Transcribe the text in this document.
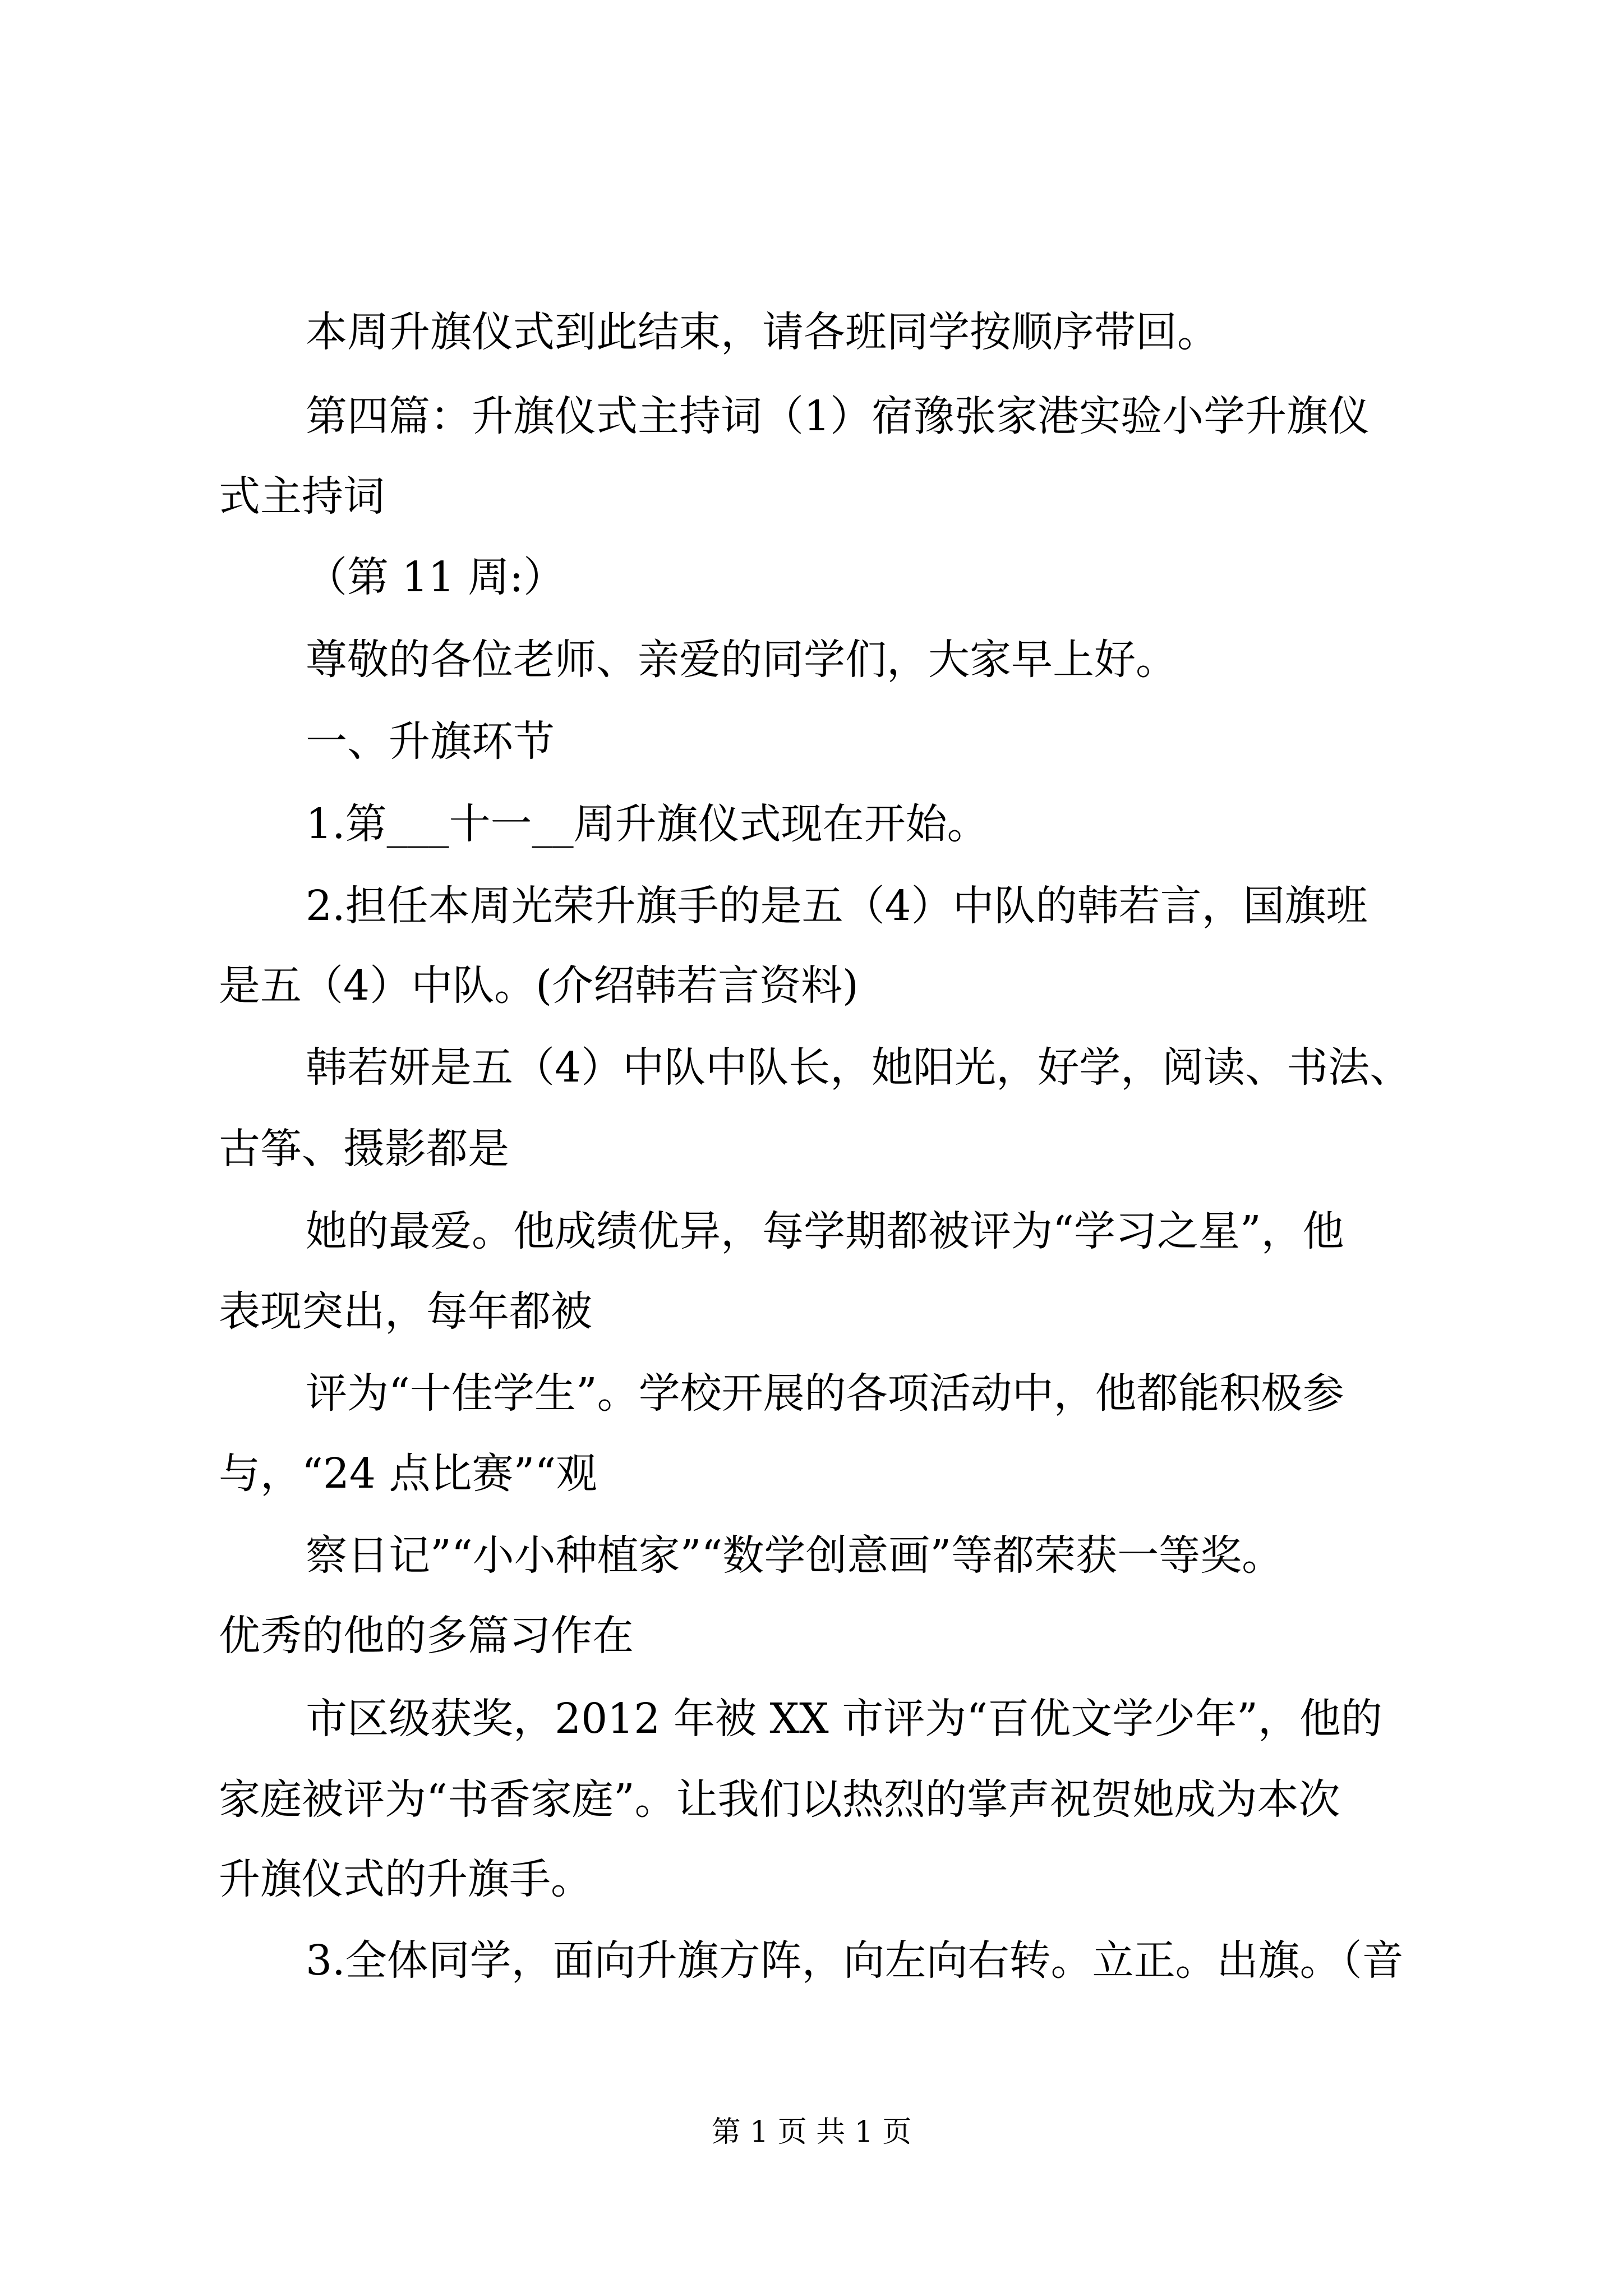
本周升旗仪式到此结束，请各班同学按顺序带回。
第四篇：升旗仪式主持词（1）宿豫张家港实验小学升旗仪
式主持词
（第 11 周:）
尊敬的各位老师、亲爱的同学们，大家早上好。
一、升旗环节
1.第___十一__周升旗仪式现在开始。
2.担任本周光荣升旗手的是五（4）中队的韩若言，国旗班
是五（4）中队。(介绍韩若言资料)
韩若妍是五（4）中队中队长，她阳光，好学，阅读、书法、
古筝、摄影都是
她的最爱。他成绩优异，每学期都被评为“学习之星”，他
表现突出，每年都被
评为“十佳学生”。学校开展的各项活动中，他都能积极参
与，“24 点比赛”“观
察日记”“小小种植家”“数学创意画”等都荣获一等奖。
优秀的他的多篇习作在
市区级获奖，2012 年被 XX 市评为“百优文学少年”，他的
家庭被评为“书香家庭”。让我们以热烈的掌声祝贺她成为本次
升旗仪式的升旗手。
3.全体同学，面向升旗方阵，向左向右转。立正。出旗。（音
第 1 页 共 1 页
